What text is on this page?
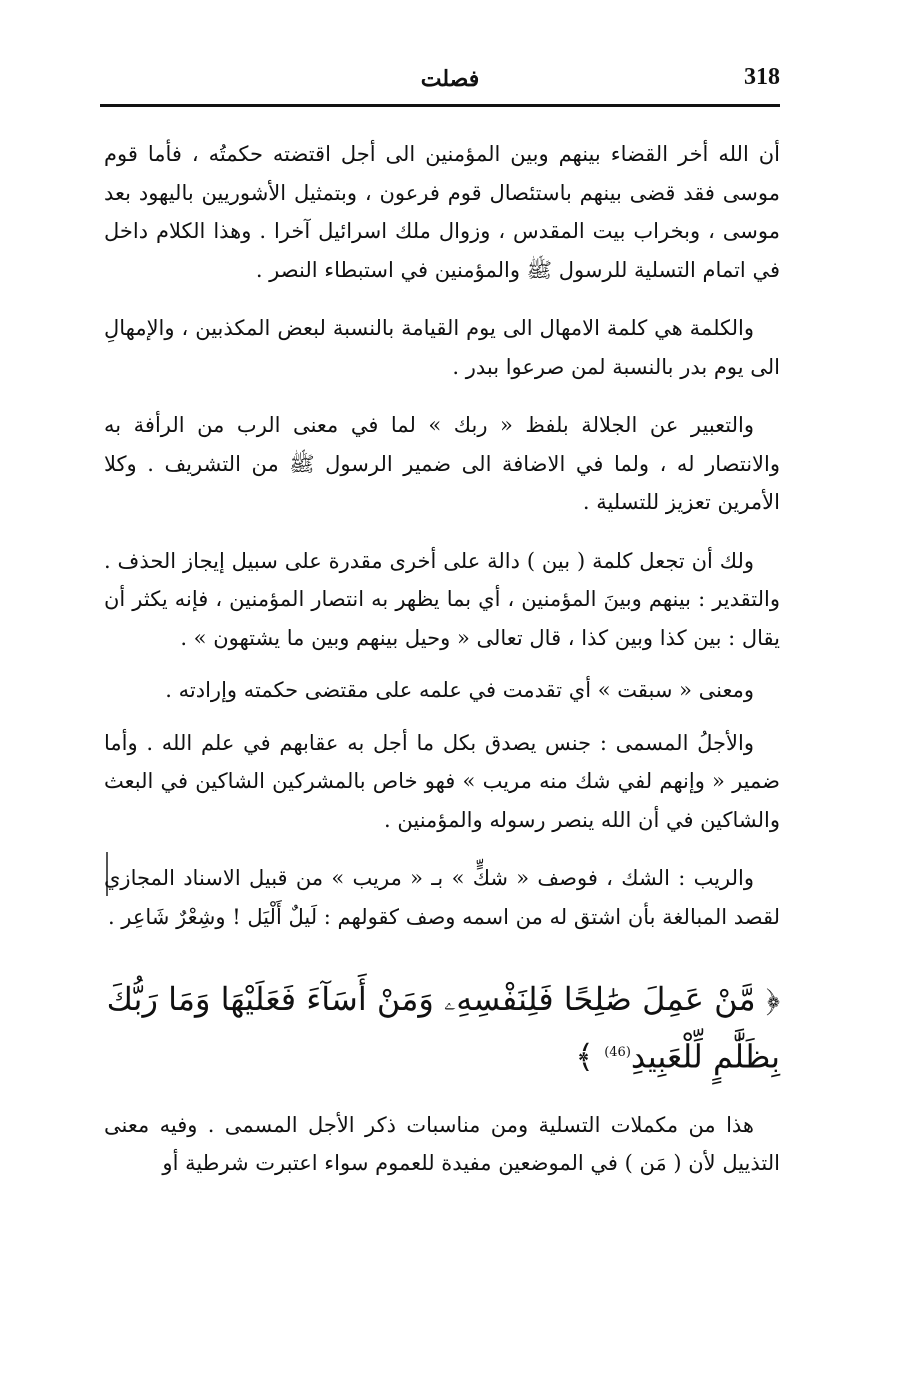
318
فصلت

أن الله أخر القضاء بينهم وبين المؤمنين الى أجل اقتضته حكمتُه ، فأما قوم موسى فقد قضى بينهم باستئصال قوم فرعون ، وبتمثيل الأشوريين باليهود بعد موسى ، وبخراب بيت المقدس ، وزوال ملك اسرائيل آخرا . وهذا الكلام داخل في اتمام التسلية للرسول ﷺ والمؤمنين في استبطاء النصر .

والكلمة هي كلمة الامهال الى يوم القيامة بالنسبة لبعض المكذبين ، والإمهالِ الى يوم بدر بالنسبة لمن صرعوا ببدر .

والتعبير عن الجلالة بلفظ « ربك » لما في معنى الرب من الرأفة به والانتصار له ، ولما في الاضافة الى ضمير الرسول ﷺ من التشريف . وكلا الأمرين تعزيز للتسلية .

ولك أن تجعل كلمة ( بين ) دالة على أخرى مقدرة على سبيل إيجاز الحذف . والتقدير : بينهم وبينَ المؤمنين ، أي بما يظهر به انتصار المؤمنين ، فإنه يكثر أن يقال : بين كذا وبين كذا ، قال تعالى « وحيل بينهم وبين ما يشتهون » .

ومعنى « سبقت » أي تقدمت في علمه على مقتضى حكمته وإرادته .

والأجلُ المسمى : جنس يصدق بكل ما أجل به عقابهم في علم الله . وأما ضمير « وإنهم لفي شك منه مريب » فهو خاص بالمشركين الشاكين في البعث والشاكين في أن الله ينصر رسوله والمؤمنين .

والريب : الشك ، فوصف « شكٍّ » بـ « مريب » من قبيل الاسناد المجازي لقصد المبالغة بأن اشتق له من اسمه وصف كقولهم : لَيلٌ أَلْيَل ! وشِعْرٌ شَاعِر .

﴿ مَّنْ عَمِلَ صَٰلِحًا فَلِنَفْسِهِۦ وَمَنْ أَسَآءَ فَعَلَيْهَا وَمَا رَبُّكَ بِظَلَّٰمٍ لِّلْعَبِيدِ$^{(46)}$ ﴾

هذا من مكملات التسلية ومن مناسبات ذكر الأجل المسمى . وفيه معنى التذييل لأن ( مَن ) في الموضعين مفيدة للعموم سواء اعتبرت شرطية أو
